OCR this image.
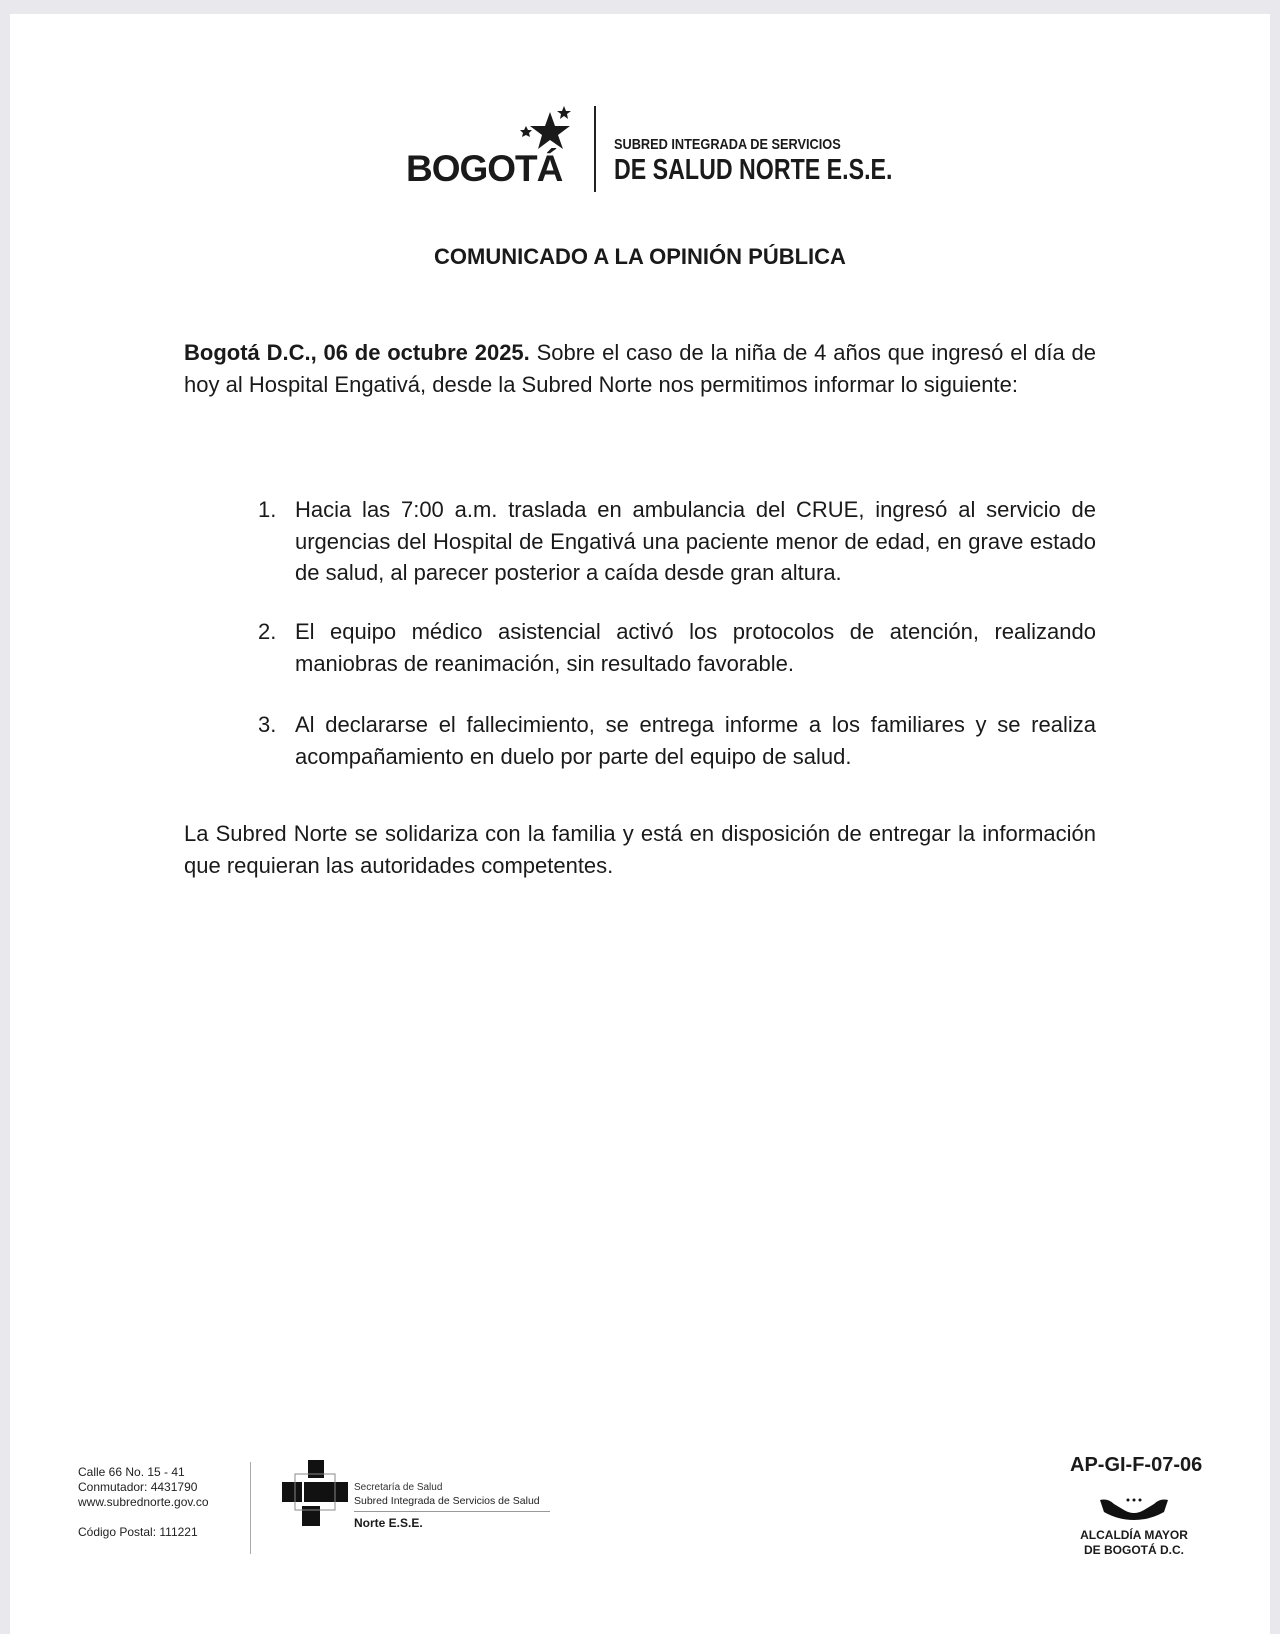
BOGOTÁ
SUBRED INTEGRADA DE SERVICIOS
DE SALUD NORTE E.S.E.
COMUNICADO A LA OPINIÓN PÚBLICA
Bogotá D.C., 06 de octubre 2025. Sobre el caso de la niña de 4 años que ingresó el día de hoy al Hospital Engativá, desde la Subred Norte nos permitimos informar lo siguiente:
1. Hacia las 7:00 a.m. traslada en ambulancia del CRUE, ingresó al servicio de urgencias del Hospital de Engativá una paciente menor de edad, en grave estado de salud, al parecer posterior a caída desde gran altura.
2. El equipo médico asistencial activó los protocolos de atención, realizando maniobras de reanimación, sin resultado favorable.
3. Al declararse el fallecimiento, se entrega informe a los familiares y se realiza acompañamiento en duelo por parte del equipo de salud.
La Subred Norte se solidariza con la familia y está en disposición de entregar la información que requieran las autoridades competentes.
Calle 66 No. 15 - 41
Conmutador: 4431790
www.subrednorte.gov.co
Código Postal: 111221
Secretaría de Salud
Subred Integrada de Servicios de Salud
Norte E.S.E.
AP-GI-F-07-06
ALCALDÍA MAYOR
DE BOGOTÁ D.C.
